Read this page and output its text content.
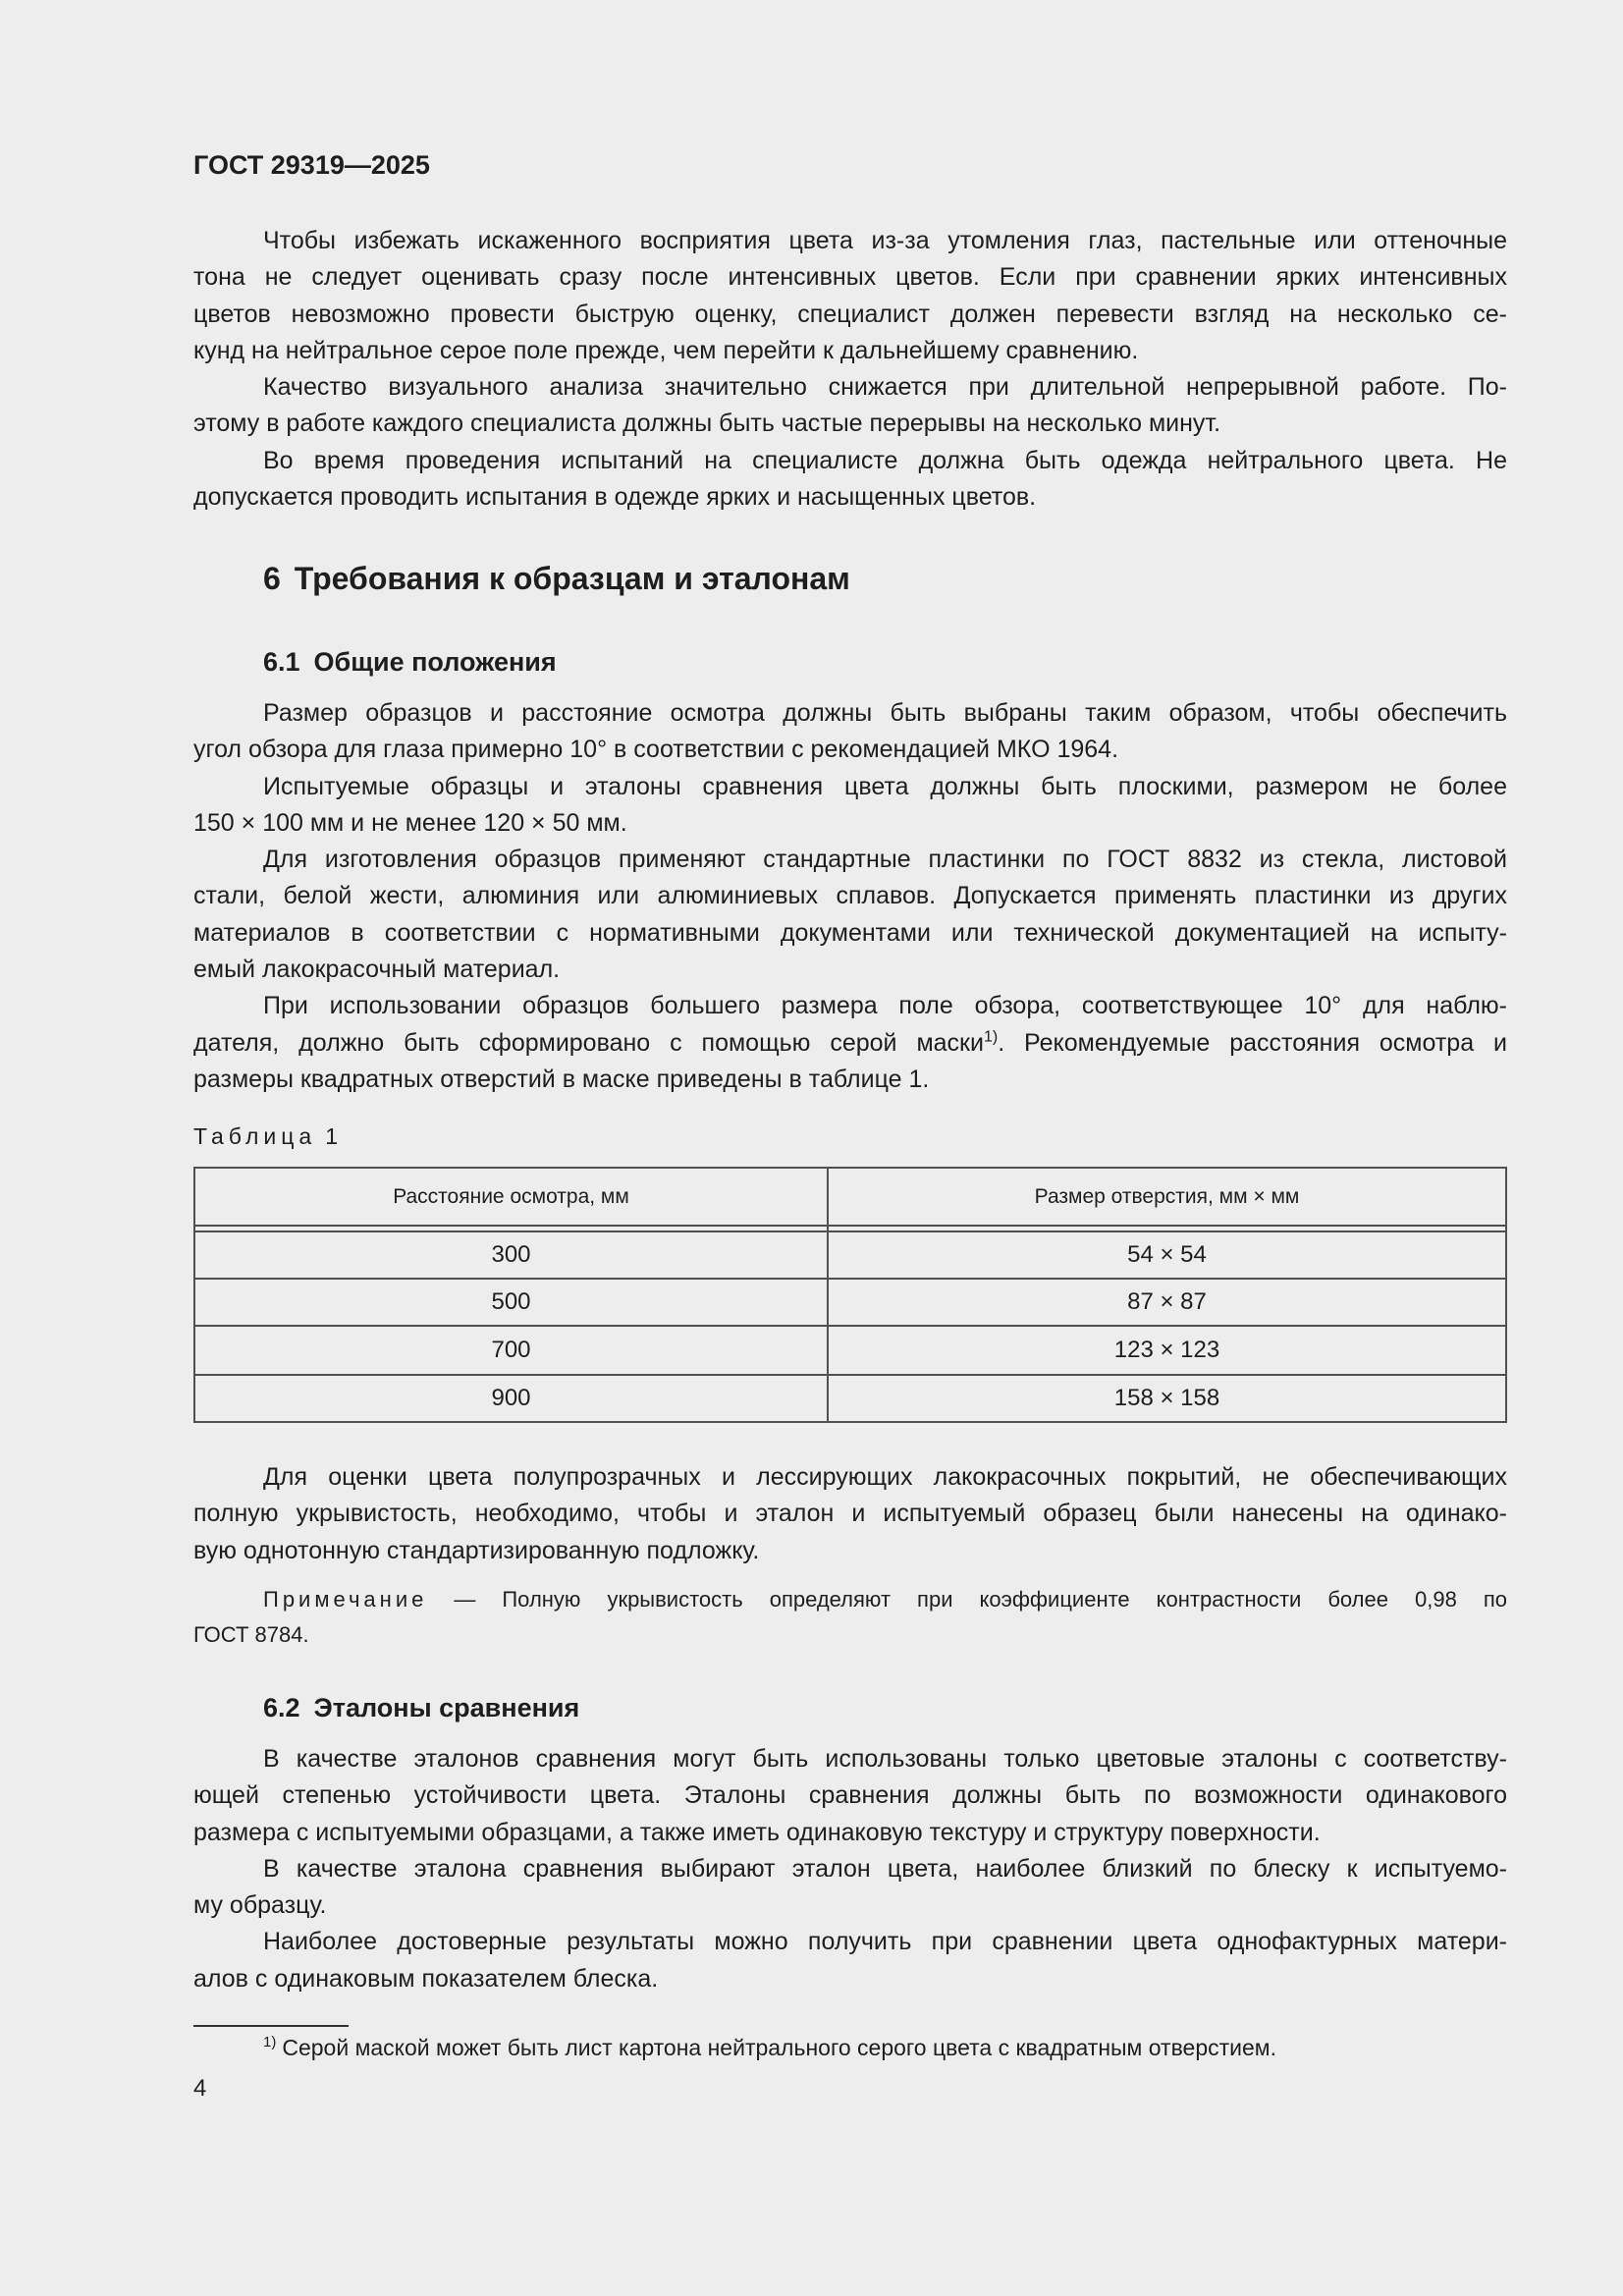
ГОСТ 29319—2025
Чтобы избежать искаженного восприятия цвета из-за утомления глаз, пастельные или оттеночные
тона не следует оценивать сразу после интенсивных цветов. Если при сравнении ярких интенсивных
цветов невозможно провести быструю оценку, специалист должен перевести взгляд на несколько се-
кунд на нейтральное серое поле прежде, чем перейти к дальнейшему сравнению.
Качество визуального анализа значительно снижается при длительной непрерывной работе. По-
этому в работе каждого специалиста должны быть частые перерывы на несколько минут.
Во время проведения испытаний на специалисте должна быть одежда нейтрального цвета. Не
допускается проводить испытания в одежде ярких и насыщенных цветов.
6 Требования к образцам и эталонам
6.1 Общие положения
Размер образцов и расстояние осмотра должны быть выбраны таким образом, чтобы обеспечить
угол обзора для глаза примерно 10° в соответствии с рекомендацией МКО 1964.
Испытуемые образцы и эталоны сравнения цвета должны быть плоскими, размером не более
150 × 100 мм и не менее 120 × 50 мм.
Для изготовления образцов применяют стандартные пластинки по ГОСТ 8832 из стекла, листовой
стали, белой жести, алюминия или алюминиевых сплавов. Допускается применять пластинки из других
материалов в соответствии с нормативными документами или технической документацией на испыту-
емый лакокрасочный материал.
При использовании образцов большего размера поле обзора, соответствующее 10° для наблю-
дателя, должно быть сформировано с помощью серой маски$^{1)}$. Рекомендуемые расстояния осмотра и
размеры квадратных отверстий в маске приведены в таблице 1.
Таблица 1
Расстояние осмотра, мм	Размер отверстия, мм × мм
300	54 × 54
500	87 × 87
700	123 × 123
900	158 × 158
Для оценки цвета полупрозрачных и лессирующих лакокрасочных покрытий, не обеспечивающих
полную укрывистость, необходимо, чтобы и эталон и испытуемый образец были нанесены на одинако-
вую однотонную стандартизированную подложку.
Примечание — Полную укрывистость определяют при коэффициенте контрастности более 0,98 по
ГОСТ 8784.
6.2 Эталоны сравнения
В качестве эталонов сравнения могут быть использованы только цветовые эталоны с соответству-
ющей степенью устойчивости цвета. Эталоны сравнения должны быть по возможности одинакового
размера с испытуемыми образцами, а также иметь одинаковую текстуру и структуру поверхности.
В качестве эталона сравнения выбирают эталон цвета, наиболее близкий по блеску к испытуемо-
му образцу.
Наиболее достоверные результаты можно получить при сравнении цвета однофактурных матери-
алов с одинаковым показателем блеска.
$^{1)}$ Серой маской может быть лист картона нейтрального серого цвета с квадратным отверстием.
4
